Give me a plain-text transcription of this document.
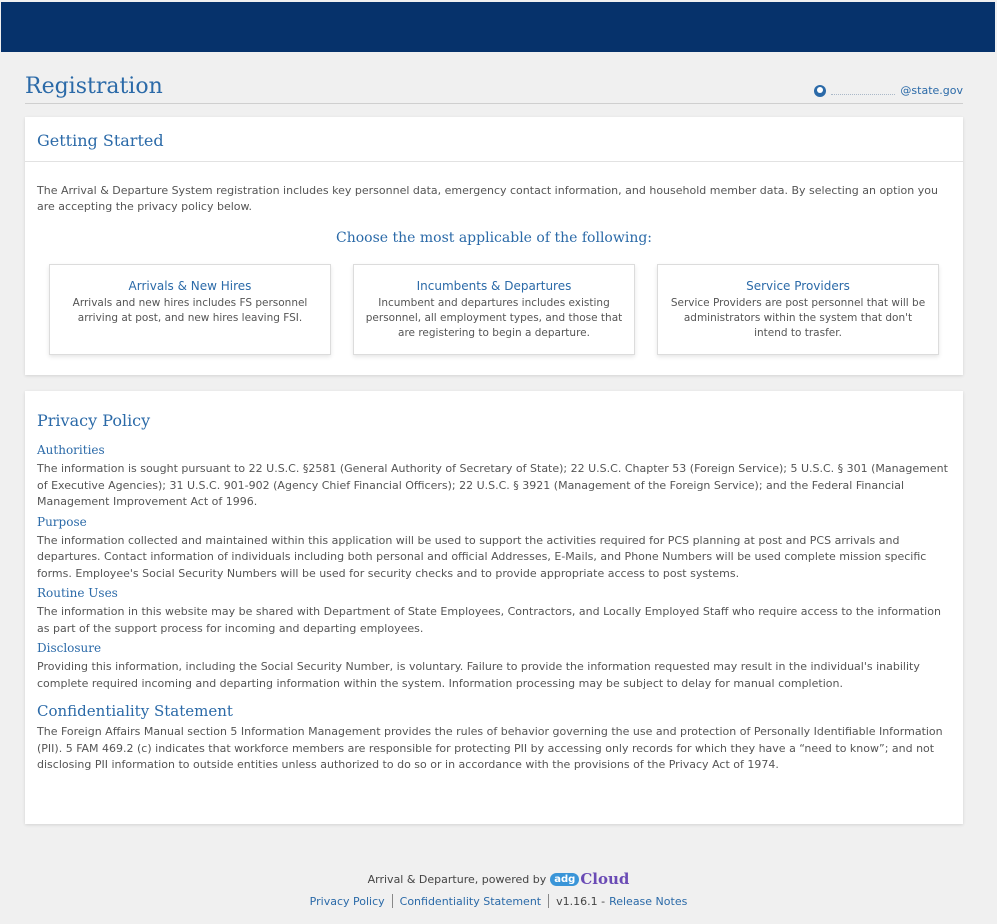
Registration	@state.gov
Getting Started

The Arrival & Departure System registration includes key personnel data, emergency contact information, and household member data. By selecting an option you are accepting the privacy policy below.

Choose the most applicable of the following:
Arrivals & New Hires
Arrivals and new hires includes FS personnel arriving at post, and new hires leaving FSI.
Incumbents & Departures
Incumbent and departures includes existing personnel, all employment types, and those that are registering to begin a departure.
Service Providers
Service Providers are post personnel that will be administrators within the system that don't intend to trasfer.
Privacy Policy
Authorities

The information is sought pursuant to 22 U.S.C. §2581 (General Authority of Secretary of State); 22 U.S.C. Chapter 53 (Foreign Service); 5 U.S.C. § 301 (Management of Executive Agencies); 31 U.S.C. 901-902 (Agency Chief Financial Officers); 22 U.S.C. § 3921 (Management of the Foreign Service); and the Federal Financial Management Improvement Act of 1996.

Purpose

The information collected and maintained within this application will be used to support the activities required for PCS planning at post and PCS arrivals and departures. Contact information of individuals including both personal and official Addresses, E-Mails, and Phone Numbers will be used complete mission specific forms. Employee's Social Security Numbers will be used for security checks and to provide appropriate access to post systems.

Routine Uses

The information in this website may be shared with Department of State Employees, Contractors, and Locally Employed Staff who require access to the information as part of the support process for incoming and departing employees.

Disclosure

Providing this information, including the Social Security Number, is voluntary. Failure to provide the information requested may result in the individual's inability complete required incoming and departing information within the system. Information processing may be subject to delay for manual completion.

Confidentiality Statement

The Foreign Affairs Manual section 5 Information Management provides the rules of behavior governing the use and protection of Personally Identifiable Information (PII). 5 FAM 469.2 (c) indicates that workforce members are responsible for protecting PII by accessing only records for which they have a “need to know”; and not disclosing PII information to outside entities unless authorized to do so or in accordance with the provisions of the Privacy Act of 1974.

Arrival & Departure, powered by adg Cloud
Privacy Policy Confidentiality Statement v1.16.1 - Release Notes
